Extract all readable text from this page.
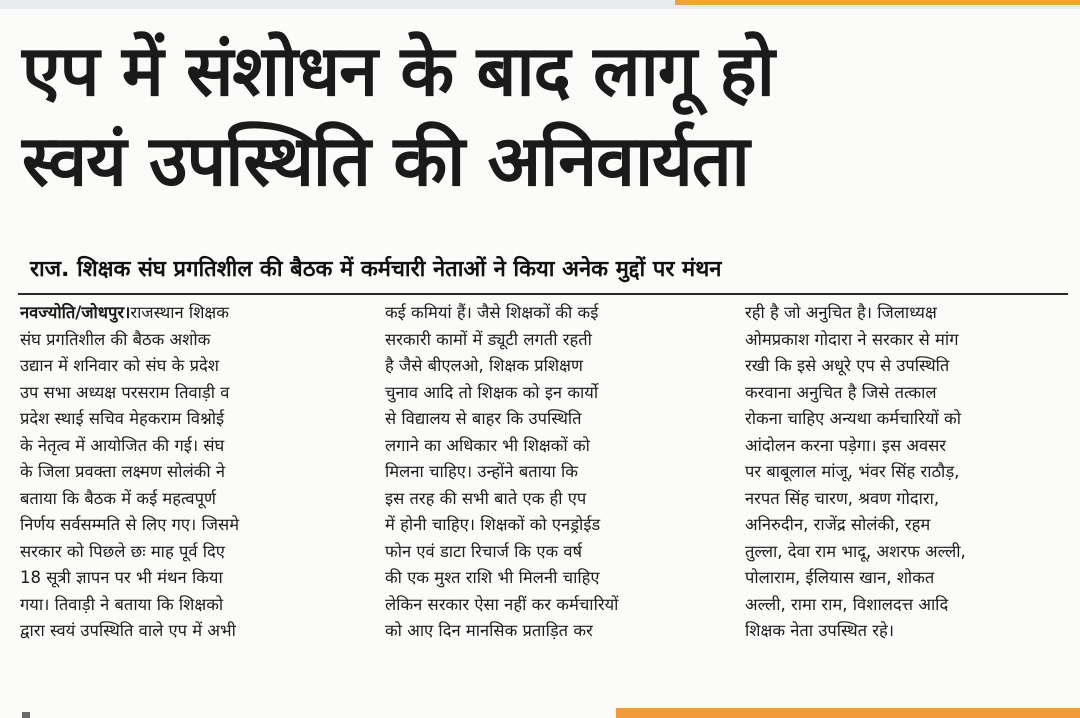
एप में संशोधन के बाद लागू हो
स्वयं उपस्थिति की अनिवार्यता
राज. शिक्षक संघ प्रगतिशील की बैठक में कर्मचारी नेताओं ने किया अनेक मुद्दों पर मंथन
नवज्योति/जोधपुर।राजस्थान शिक्षक
संघ प्रगतिशील की बैठक अशोक
उद्यान में शनिवार को संघ के प्रदेश
उप सभा अध्यक्ष परसराम तिवाड़ी व
प्रदेश स्थाई सचिव मेहकराम विश्नोई
के नेतृत्व में आयोजित की गई। संघ
के जिला प्रवक्ता लक्ष्मण सोलंकी ने
बताया कि बैठक में कई महत्वपूर्ण
निर्णय सर्वसम्मति से लिए गए। जिसमे
सरकार को पिछले छः माह पूर्व दिए
18 सूत्री ज्ञापन पर भी मंथन किया
गया। तिवाड़ी ने बताया कि शिक्षको
द्वारा स्वयं उपस्थिति वाले एप में अभी
कई कमियां हैं। जैसे शिक्षकों की कई
सरकारी कामों में ड्यूटी लगती रहती
है जैसे बीएलओ, शिक्षक प्रशिक्षण
चुनाव आदि तो शिक्षक को इन कार्यो
से विद्यालय से बाहर कि उपस्थिति
लगाने का अधिकार भी शिक्षकों को
मिलना चाहिए। उन्होंने बताया कि
इस तरह की सभी बाते एक ही एप
में होनी चाहिए। शिक्षकों को एनड्रोईड
फोन एवं डाटा रिचार्ज कि एक वर्ष
की एक मुश्त राशि भी मिलनी चाहिए
लेकिन सरकार ऐसा नहीं कर कर्मचारियों
को आए दिन मानसिक प्रताड़ित कर
रही है जो अनुचित है। जिलाध्यक्ष
ओमप्रकाश गोदारा ने सरकार से मांग
रखी कि इसे अधूरे एप से उपस्थिति
करवाना अनुचित है जिसे तत्काल
रोकना चाहिए अन्यथा कर्मचारियों को
आंदोलन करना पड़ेगा। इस अवसर
पर बाबूलाल मांजू, भंवर सिंह राठौड़,
नरपत सिंह चारण, श्रवण गोदारा,
अनिरुदीन, राजेंद्र सोलंकी, रहम
तुल्ला, देवा राम भादू, अशरफ अल्ली,
पोलाराम, ईलियास खान, शोकत
अल्ली, रामा राम, विशालदत्त आदि
शिक्षक नेता उपस्थित रहे।
